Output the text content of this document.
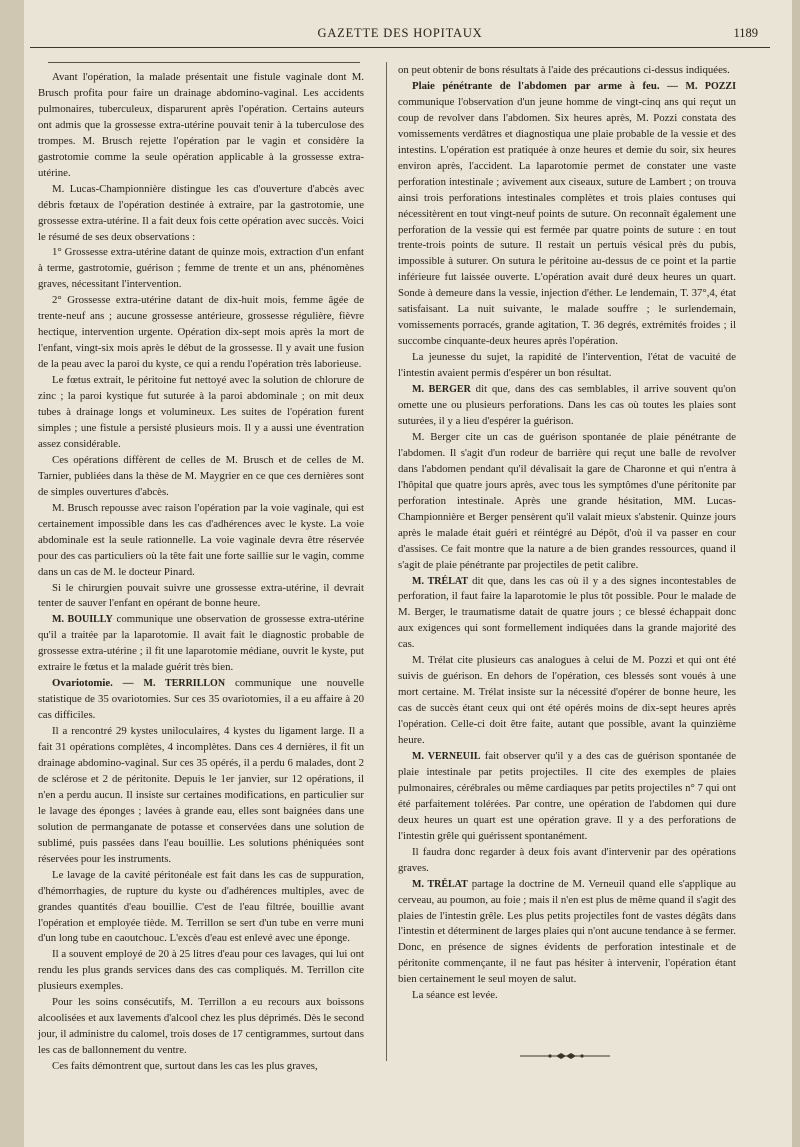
GAZETTE DES HOPITAUX	1189

Avant l'opération, la malade présentait une fistule vaginale dont M. Brusch profita pour faire un drainage abdomino-vaginal. Les accidents pulmonaires, tuberculeux, disparurent après l'opération. Certains auteurs ont admis que la grossesse extra-utérine pouvait tenir à la tuberculose des trompes. M. Brusch rejette l'opération par le vagin et considère la gastrotomie comme la seule opération applicable à la grossesse extra-utérine.

M. Lucas-Championnière distingue les cas d'ouverture d'abcès avec débris fœtaux de l'opération destinée à extraire, par la gastrotomie, une grossesse extra-utérine. Il a fait deux fois cette opération avec succès. Voici le résumé de ses deux observations :

1° Grossesse extra-utérine datant de quinze mois, extraction d'un enfant à terme, gastrotomie, guérison ; femme de trente et un ans, phénomènes graves, nécessitant l'intervention.

2° Grossesse extra-utérine datant de dix-huit mois, femme âgée de trente-neuf ans ; aucune grossesse antérieure, grossesse régulière, fièvre hectique, intervention urgente. Opération dix-sept mois après la mort de l'enfant, vingt-six mois après le début de la grossesse. Il y avait une fusion de la peau avec la paroi du kyste, ce qui a rendu l'opération très laborieuse.

Le fœtus extrait, le péritoine fut nettoyé avec la solution de chlorure de zinc ; la paroi kystique fut suturée à la paroi abdominale ; on mit deux tubes à drainage longs et volumineux. Les suites de l'opération furent simples ; une fistule a persisté plusieurs mois. Il y a aussi une éventration assez considérable.

Ces opérations diffèrent de celles de M. Brusch et de celles de M. Tarnier, publiées dans la thèse de M. Maygrier en ce que ces dernières sont de simples ouvertures d'abcès.

M. Brusch repousse avec raison l'opération par la voie vaginale, qui est certainement impossible dans les cas d'adhérences avec le kyste. La voie abdominale est la seule rationnelle. La voie vaginale devra être réservée pour des cas particuliers où la tête fait une forte saillie sur le vagin, comme dans un cas de M. le docteur Pinard.

Si le chirurgien pouvait suivre une grossesse extra-utérine, il devrait tenter de sauver l'enfant en opérant de bonne heure.

M. BOUILLY communique une observation de grossesse extra-utérine qu'il a traitée par la laparotomie. Il avait fait le diagnostic probable de grossesse extra-utérine ; il fit une laparotomie médiane, ouvrit le kyste, put extraire le fœtus et la malade guérit très bien.

Ovariotomie. — M. TERRILLON communique une nouvelle statistique de 35 ovariotomies. Sur ces 35 ovariotomies, il a eu affaire à 20 cas difficiles.

Il a rencontré 29 kystes uniloculaires, 4 kystes du ligament large. Il a fait 31 opérations complètes, 4 incomplètes. Dans ces 4 dernières, il fit un drainage abdomino-vaginal. Sur ces 35 opérés, il a perdu 6 malades, dont 2 de sclérose et 2 de péritonite. Depuis le 1er janvier, sur 12 opérations, il n'en a perdu aucun. Il insiste sur certaines modifications, en particulier sur le lavage des éponges ; lavées à grande eau, elles sont baignées dans une solution de permanganate de potasse et conservées dans une solution de sublimé, puis passées dans l'eau bouillie. Les solutions phéniquées sont réservées pour les instruments.

Le lavage de la cavité péritonéale est fait dans les cas de suppuration, d'hémorrhagies, de rupture du kyste ou d'adhérences multiples, avec de grandes quantités d'eau bouillie. C'est de l'eau filtrée, bouillie avant l'opération et employée tiède. M. Terrillon se sert d'un tube en verre muni d'un long tube en caoutchouc. L'excès d'eau est enlevé avec une éponge.

Il a souvent employé de 20 à 25 litres d'eau pour ces lavages, qui lui ont rendu les plus grands services dans des cas compliqués. M. Terrillon cite plusieurs exemples.

Pour les soins consécutifs, M. Terrillon a eu recours aux boissons alcoolisées et aux lavements d'alcool chez les plus déprimés. Dès le second jour, il administre du calomel, trois doses de 17 centigrammes, surtout dans les cas de ballonnement du ventre.

Ces faits démontrent que, surtout dans les cas les plus graves,

on peut obtenir de bons résultats à l'aide des précautions ci-dessus indiquées.

Plaie pénétrante de l'abdomen par arme à feu. — M. POZZI communique l'observation d'un jeune homme de vingt-cinq ans qui reçut un coup de revolver dans l'abdomen. Six heures après, M. Pozzi constata des vomissements verdâtres et diagnostiqua une plaie probable de la vessie et des intestins. L'opération est pratiquée à onze heures et demie du soir, six heures environ après, l'accident. La laparotomie permet de constater une vaste perforation intestinale ; avivement aux ciseaux, suture de Lambert ; on trouva ainsi trois perforations intestinales complètes et trois plaies contuses qui nécessitèrent en tout vingt-neuf points de suture. On reconnaît également une perforation de la vessie qui est fermée par quatre points de suture : en tout trente-trois points de suture. Il restait un pertuis vésical près du pubis, impossible à suturer. On sutura le péritoine au-dessus de ce point et la partie inférieure fut laissée ouverte. L'opération avait duré deux heures un quart. Sonde à demeure dans la vessie, injection d'éther. Le lendemain, T. 37°,4, état satisfaisant. La nuit suivante, le malade souffre ; le surlendemain, vomissements porracés, grande agitation, T. 36 degrés, extrémités froides ; il succombe cinquante-deux heures après l'opération.

La jeunesse du sujet, la rapidité de l'intervention, l'état de vacuité de l'intestin avaient permis d'espérer un bon résultat.

M. BERGER dit que, dans des cas semblables, il arrive souvent qu'on omette une ou plusieurs perforations. Dans les cas où toutes les plaies sont suturées, il y a lieu d'espérer la guérison.

M. Berger cite un cas de guérison spontanée de plaie pénétrante de l'abdomen. Il s'agit d'un rodeur de barrière qui reçut une balle de revolver dans l'abdomen pendant qu'il dévalisait la gare de Charonne et qui n'entra à l'hôpital que quatre jours après, avec tous les symptômes d'une péritonite par perforation intestinale. Après une grande hésitation, MM. Lucas-Championnière et Berger pensèrent qu'il valait mieux s'abstenir. Quinze jours après le malade était guéri et réintégré au Dépôt, d'où il va passer en cour d'assises. Ce fait montre que la nature a de bien grandes ressources, quand il s'agit de plaie pénétrante par projectiles de petit calibre.

M. TRÉLAT dit que, dans les cas où il y a des signes incontestables de perforation, il faut faire la laparotomie le plus tôt possible. Pour le malade de M. Berger, le traumatisme datait de quatre jours ; ce blessé échappait donc aux exigences qui sont formellement indiquées dans la grande majorité des cas.

M. Trélat cite plusieurs cas analogues à celui de M. Pozzi et qui ont été suivis de guérison. En dehors de l'opération, ces blessés sont voués à une mort certaine. M. Trélat insiste sur la nécessité d'opérer de bonne heure, les cas de succès étant ceux qui ont été opérés moins de dix-sept heures après l'opération. Celle-ci doit être faite, autant que possible, avant la quinzième heure.

M. VERNEUIL fait observer qu'il y a des cas de guérison spontanée de plaie intestinale par petits projectiles. Il cite des exemples de plaies pulmonaires, cérébrales ou même cardiaques par petits projectiles n° 7 qui ont été parfaitement tolérées. Par contre, une opération de l'abdomen qui dure deux heures un quart est une opération grave. Il y a des perforations de l'intestin grêle qui guérissent spontanément.

Il faudra donc regarder à deux fois avant d'intervenir par des opérations graves.

M. TRÉLAT partage la doctrine de M. Verneuil quand elle s'applique au cerveau, au poumon, au foie ; mais il n'en est plus de même quand il s'agit des plaies de l'intestin grêle. Les plus petits projectiles font de vastes dégâts dans l'intestin et déterminent de larges plaies qui n'ont aucune tendance à se fermer. Donc, en présence de signes évidents de perforation intestinale et de péritonite commençante, il ne faut pas hésiter à intervenir, l'opération étant bien certainement le seul moyen de salut.

La séance est levée.
